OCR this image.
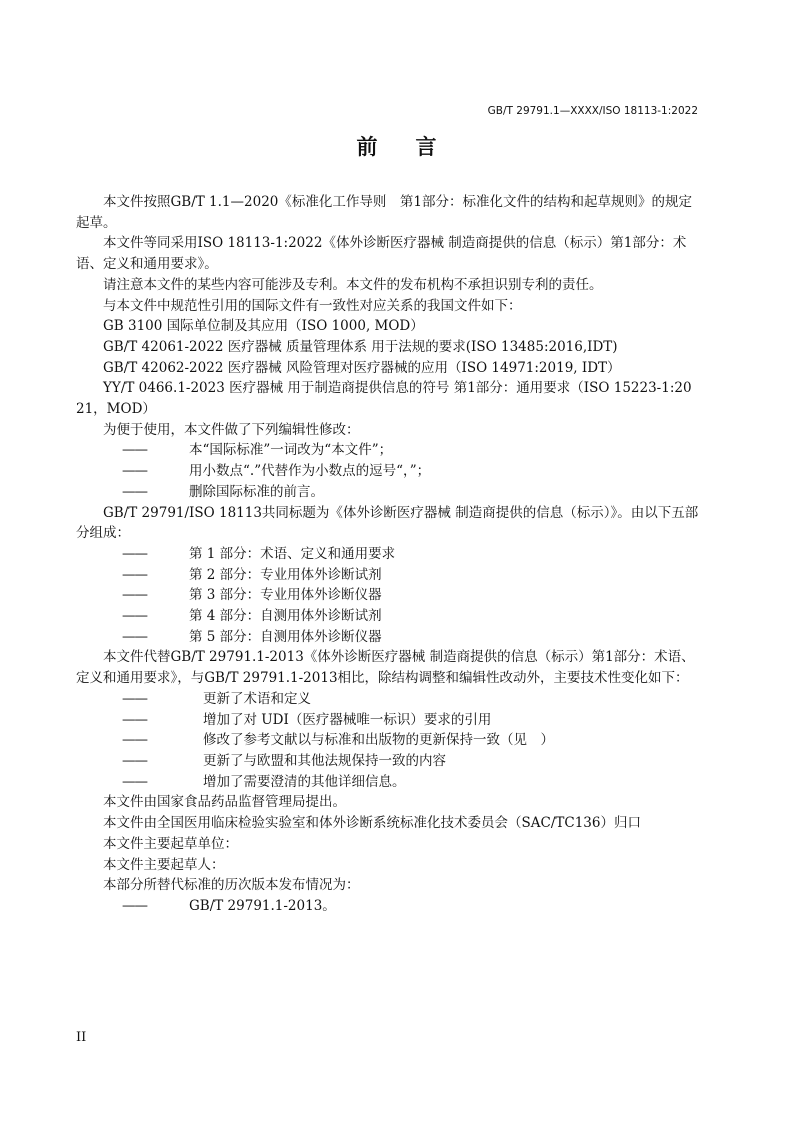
GB/T 29791.1—XXXX/ISO 18113-1:2022
前 言
本文件按照GB/T 1.1—2020《标准化工作导则　第1部分：标准化文件的结构和起草规则》的规定起草。
本文件等同采用ISO 18113-1:2022《体外诊断医疗器械 制造商提供的信息（标示）第1部分：术语、定义和通用要求》。
请注意本文件的某些内容可能涉及专利。本文件的发布机构不承担识别专利的责任。
与本文件中规范性引用的国际文件有一致性对应关系的我国文件如下：
GB 3100 国际单位制及其应用（ISO 1000, MOD）
GB/T 42061-2022 医疗器械 质量管理体系 用于法规的要求(ISO 13485:2016,IDT)
GB/T 42062-2022 医疗器械 风险管理对医疗器械的应用（ISO 14971:2019, IDT）
YY/T 0466.1-2023 医疗器械 用于制造商提供信息的符号 第1部分：通用要求（ISO 15223-1:2021，MOD）
为便于使用，本文件做了下列编辑性修改：
——	本“国际标准”一词改为“本文件”；
——	用小数点“.”代替作为小数点的逗号“，”；
——	删除国际标准的前言。
GB/T 29791/ISO 18113共同标题为《体外诊断医疗器械 制造商提供的信息（标示）》。由以下五部分组成：
——	第 1 部分：术语、定义和通用要求
——	第 2 部分：专业用体外诊断试剂
——	第 3 部分：专业用体外诊断仪器
——	第 4 部分：自测用体外诊断试剂
——	第 5 部分：自测用体外诊断仪器
本文件代替GB/T 29791.1-2013《体外诊断医疗器械 制造商提供的信息（标示）第1部分：术语、定义和通用要求》，与GB/T 29791.1-2013相比，除结构调整和编辑性改动外，主要技术性变化如下：
——	更新了术语和定义
——	增加了对 UDI（医疗器械唯一标识）要求的引用
——	修改了参考文献以与标准和出版物的更新保持一致（见　）
——	更新了与欧盟和其他法规保持一致的内容
——	增加了需要澄清的其他详细信息。
本文件由国家食品药品监督管理局提出。
本文件由全国医用临床检验实验室和体外诊断系统标准化技术委员会（SAC/TC136）归口
本文件主要起草单位：
本文件主要起草人：
本部分所替代标准的历次版本发布情况为：
——	GB/T 29791.1-2013。
II
